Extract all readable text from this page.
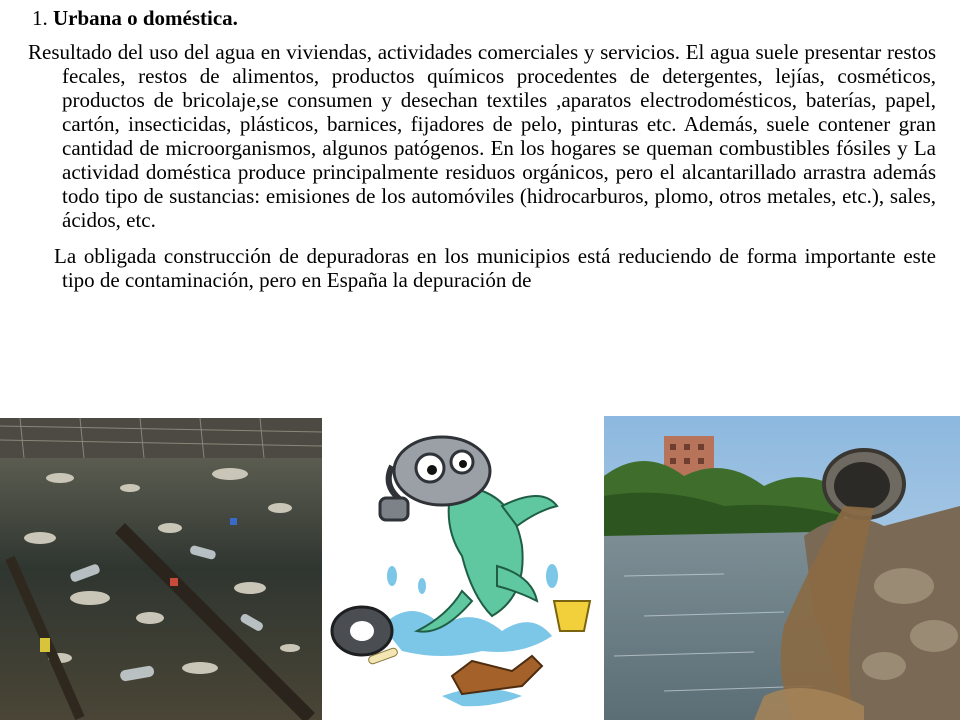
1. Urbana o doméstica.

Resultado del uso del agua en viviendas, actividades comerciales y servicios. El agua suele presentar restos fecales, restos de alimentos, productos químicos procedentes de detergentes, lejías, cosméticos, productos de bricolaje,se consumen y desechan textiles ,aparatos electrodomésticos, baterías, papel, cartón, insecticidas, plásticos, barnices, fijadores de pelo, pinturas etc. Además, suele contener gran cantidad de microorganismos, algunos patógenos. En los hogares se queman combustibles fósiles y La actividad doméstica produce principalmente residuos orgánicos, pero el alcantarillado arrastra además todo tipo de sustancias: emisiones de los automóviles (hidrocarburos, plomo, otros metales, etc.), sales, ácidos, etc.

La obligada construcción de depuradoras en los municipios está reduciendo de forma importante este tipo de contaminación, pero en España la depuración de
